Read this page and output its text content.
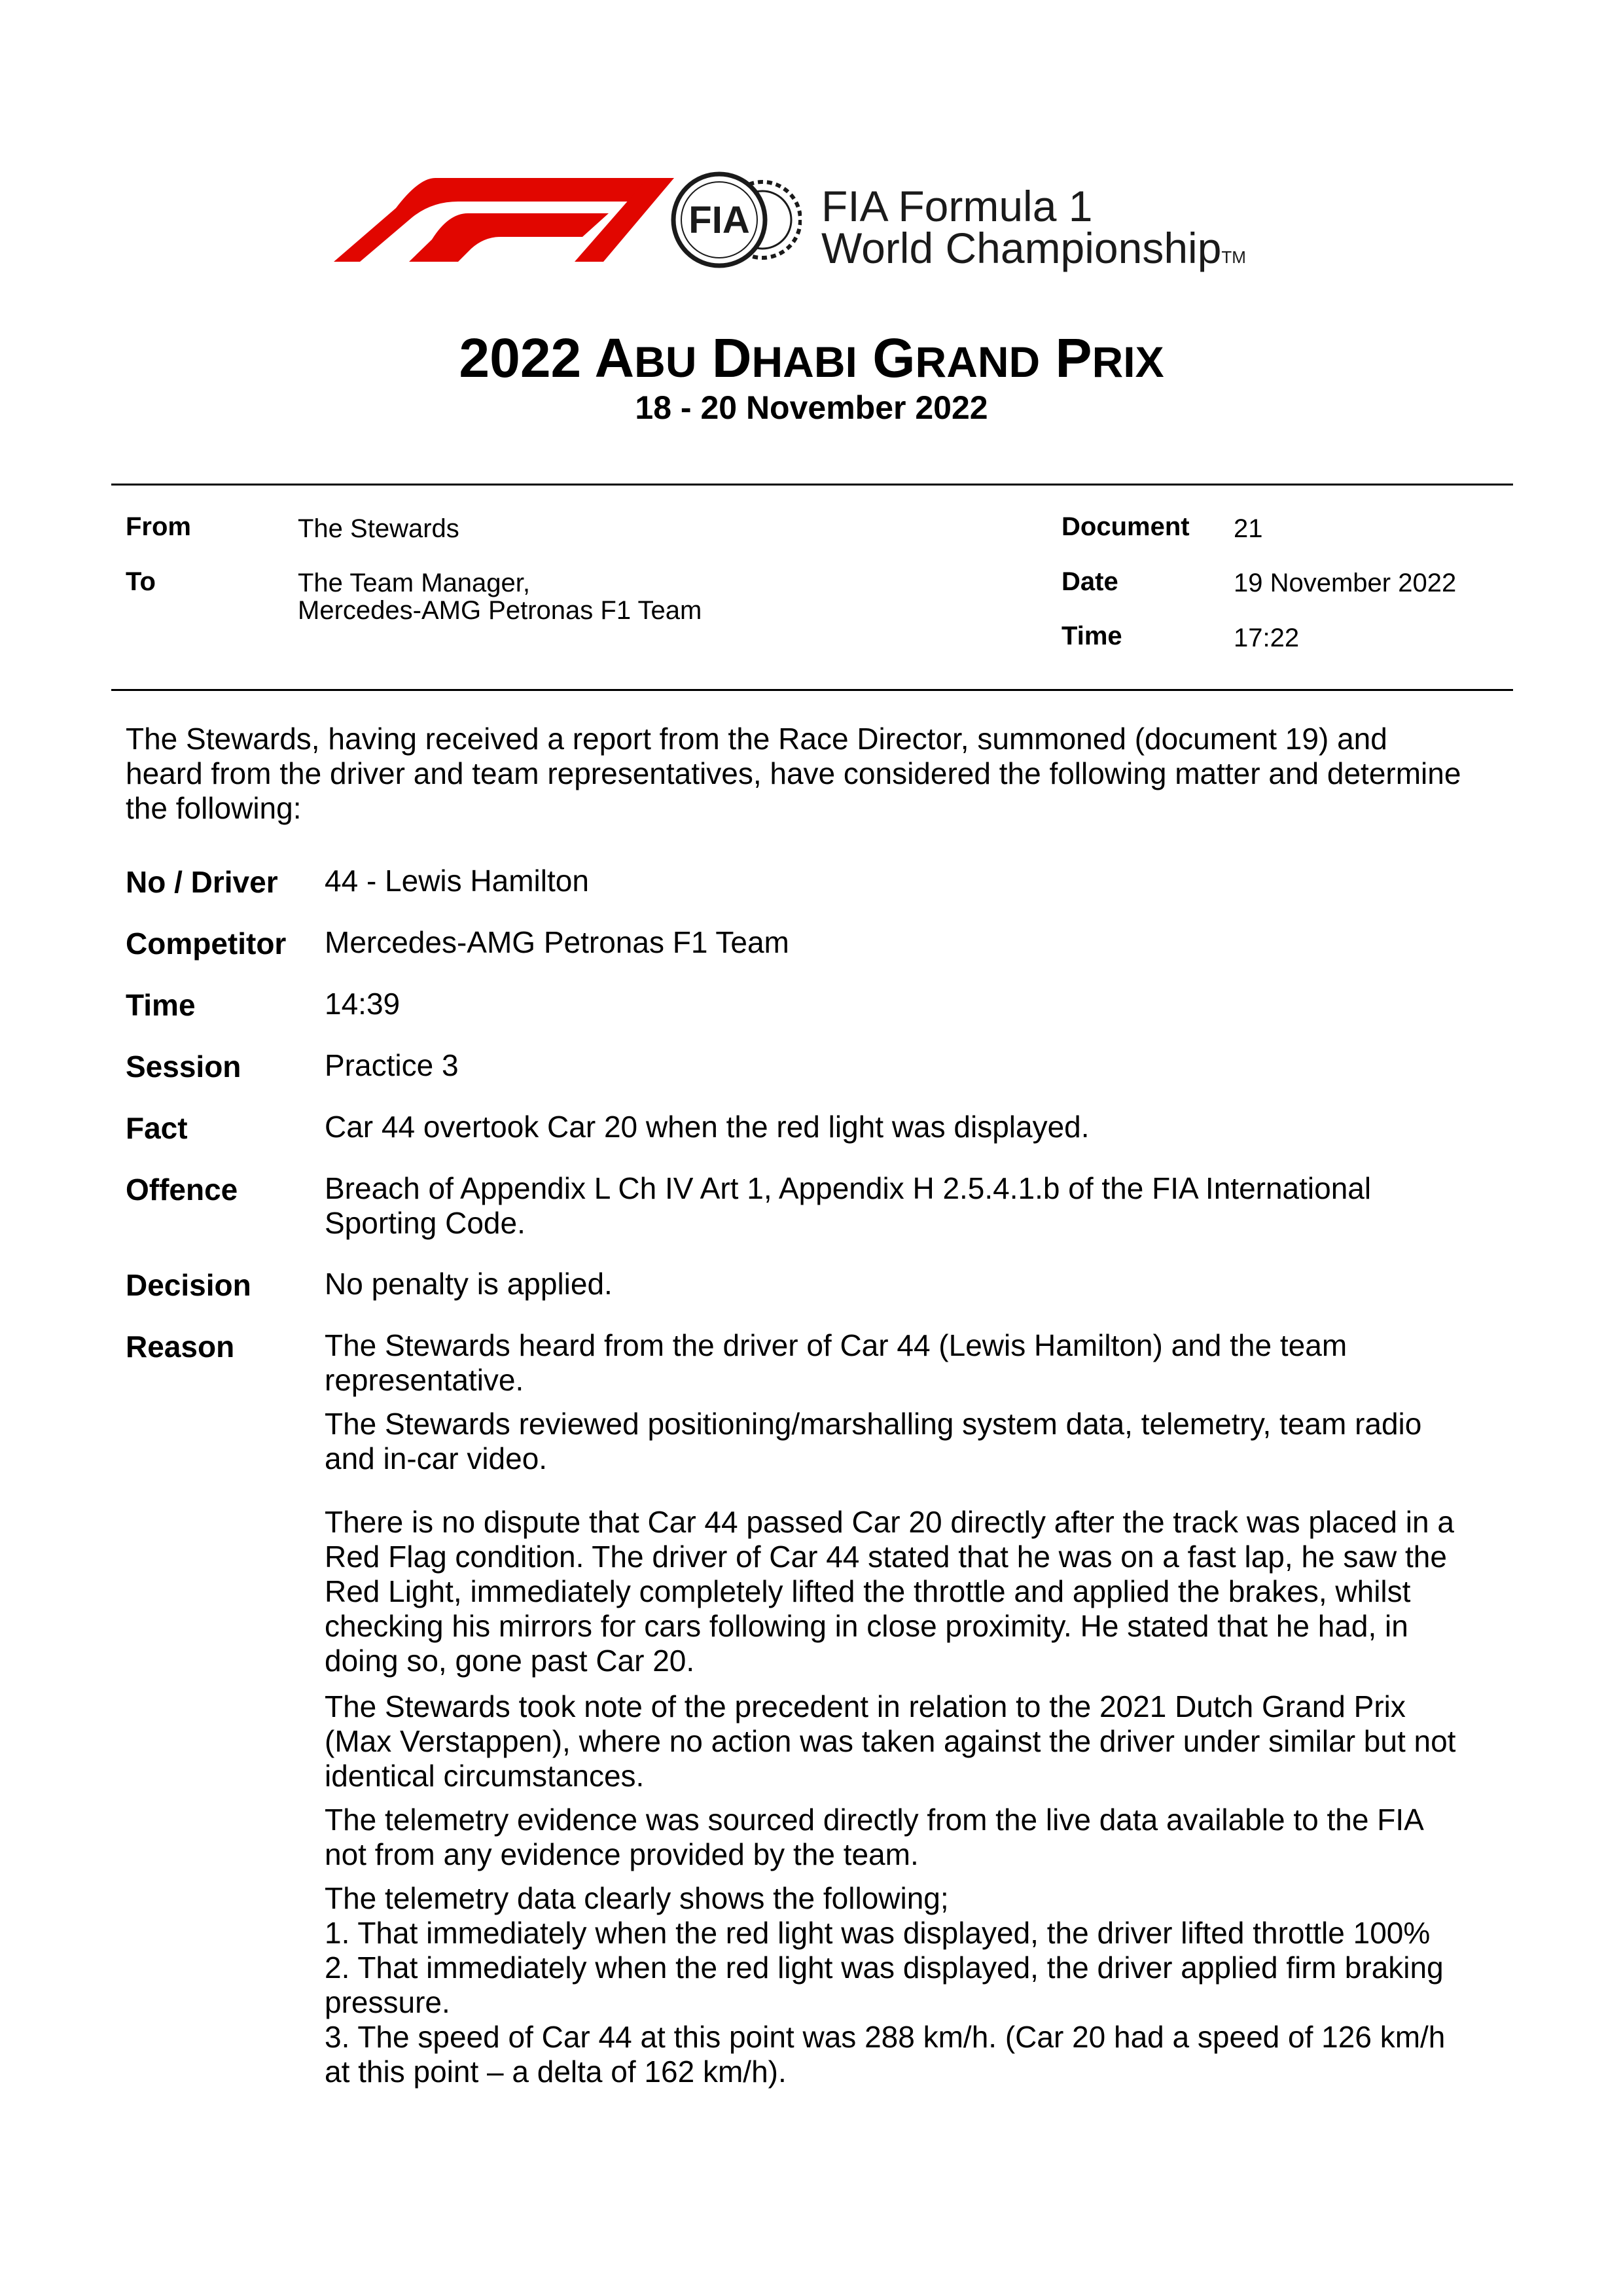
FIA FIA Formula 1
World ChampionshipTM
2022 ABU DHABI GRAND PRIX
18 - 20 November 2022
From	The Stewards
To	The Team Manager,
Mercedes-AMG Petronas F1 Team
Document 21
Date	19 November 2022
Time	17:22
The Stewards, having received a report from the Race Director, summoned (document 19) and
heard from the driver and team representatives, have considered the following matter and determine
the following:
No / Driver 44 - Lewis Hamilton
Competitor Mercedes-AMG Petronas F1 Team
Time	14:39
Session	Practice 3
Fact	Car 44 overtook Car 20 when the red light was displayed.
Offence	Breach of Appendix L Ch IV Art 1, Appendix H 2.5.4.1.b of the FIA International
Sporting Code.
Decision No penalty is applied.
Reason	The Stewards heard from the driver of Car 44 (Lewis Hamilton) and the team
representative.
The Stewards reviewed positioning/marshalling system data, telemetry, team radio
and in-car video.
There is no dispute that Car 44 passed Car 20 directly after the track was placed in a
Red Flag condition. The driver of Car 44 stated that he was on a fast lap, he saw the
Red Light, immediately completely lifted the throttle and applied the brakes, whilst
checking his mirrors for cars following in close proximity. He stated that he had, in
doing so, gone past Car 20.
The Stewards took note of the precedent in relation to the 2021 Dutch Grand Prix
(Max Verstappen), where no action was taken against the driver under similar but not
identical circumstances.
The telemetry evidence was sourced directly from the live data available to the FIA
not from any evidence provided by the team.
The telemetry data clearly shows the following;
1. That immediately when the red light was displayed, the driver lifted throttle 100%
2. That immediately when the red light was displayed, the driver applied firm braking
pressure.
3. The speed of Car 44 at this point was 288 km/h. (Car 20 had a speed of 126 km/h
at this point – a delta of 162 km/h).
